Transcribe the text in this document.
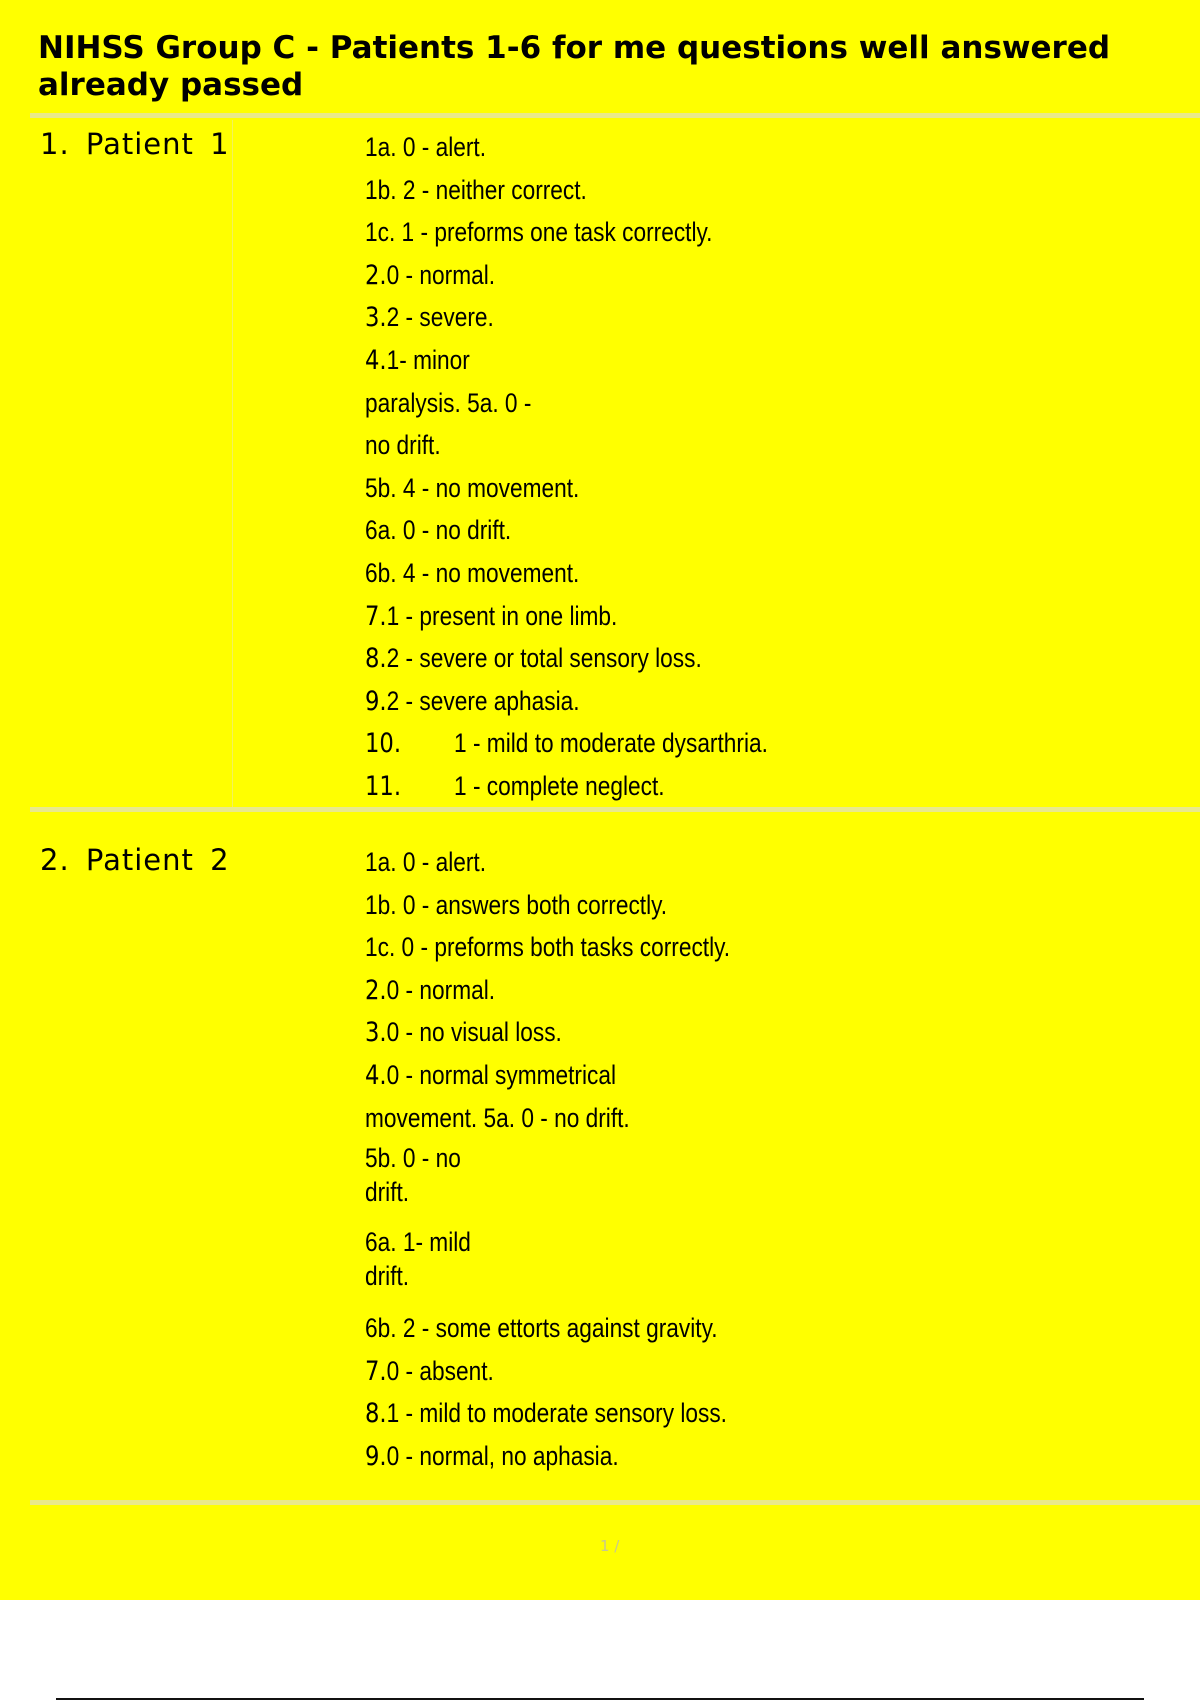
NIHSS Group C - Patients 1-6 for me questions well answered already passed
1. Patient 1	1a. 0 - alert.
1b. 2 - neither correct.
1c. 1 - preforms one task correctly.
2.0 - normal.
3.2 - severe.
4.1- minor
paralysis. 5a. 0 -
no drift.
5b. 4 - no movement.
6a. 0 - no drift.
6b. 4 - no movement.
7.1 - present in one limb.
8.2 - severe or total sensory loss.
9.2 - severe aphasia.
10. 1 - mild to moderate dysarthria.
11. 1 - complete neglect.
2. Patient 2	1a. 0 - alert.
1b. 0 - answers both correctly.
1c. 0 - preforms both tasks correctly.
2.0 - normal.
3.0 - no visual loss.
4.0 - normal symmetrical
movement. 5a. 0 - no drift.
5b. 0 - no
drift.
6a. 1- mild
drift.
6b. 2 - some ettorts against gravity.
7.0 - absent.
8.1 - mild to moderate sensory loss.
9.0 - normal, no aphasia.
1 /
